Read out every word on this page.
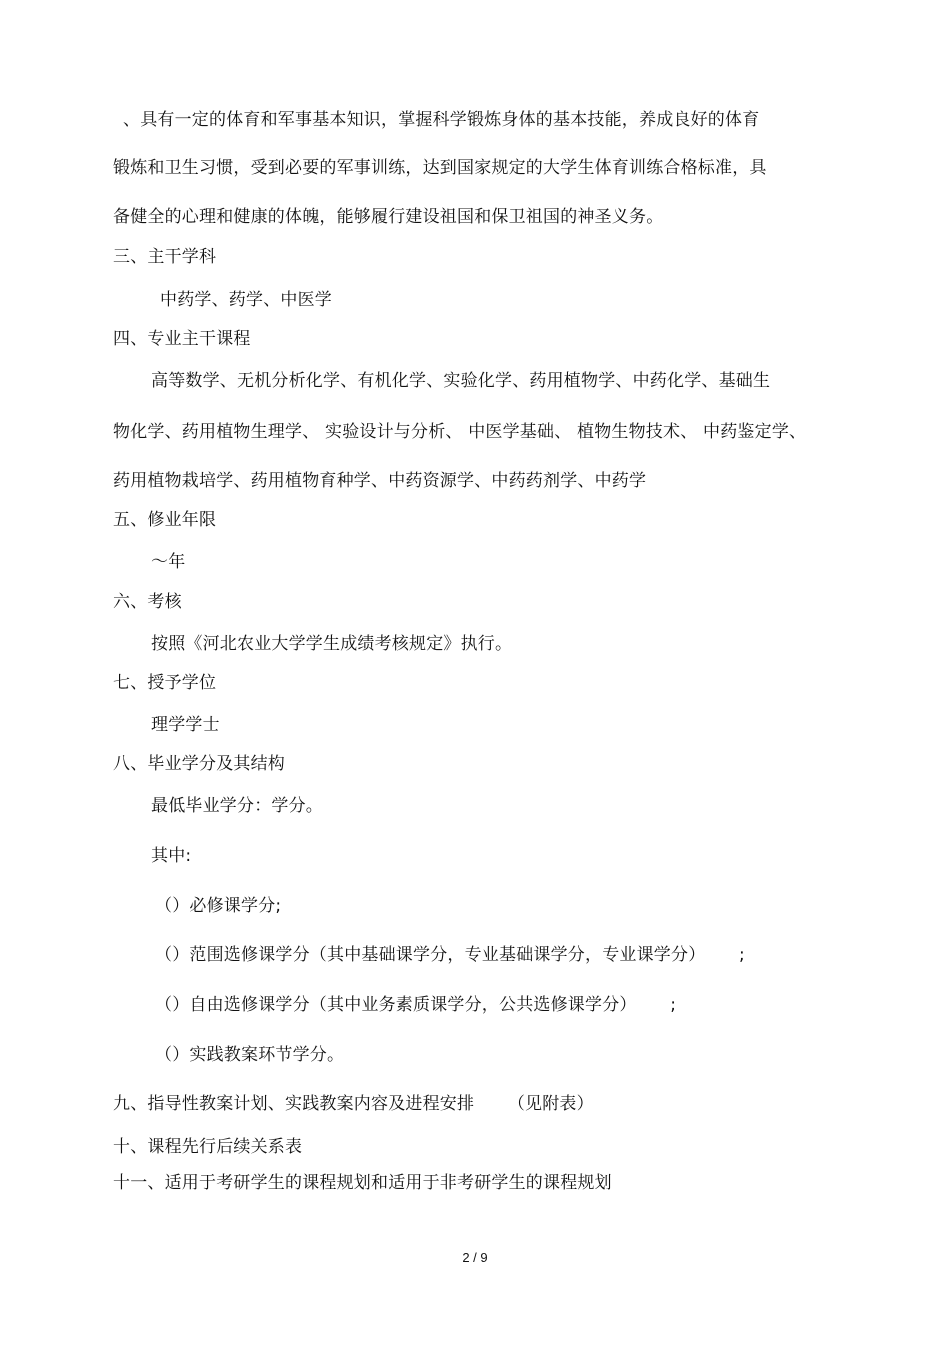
、具有一定的体育和军事基本知识，掌握科学锻炼身体的基本技能，养成良好的体育
锻炼和卫生习惯，受到必要的军事训练，达到国家规定的大学生体育训练合格标准，具
备健全的心理和健康的体魄，能够履行建设祖国和保卫祖国的神圣义务。
三、主干学科
中药学、药学、中医学
四、专业主干课程
高等数学、无机分析化学、有机化学、实验化学、药用植物学、中药化学、基础生
物化学、药用植物生理学、 实验设计与分析、 中医学基础、 植物生物技术、 中药鉴定学、
药用植物栽培学、药用植物育种学、中药资源学、中药药剂学、中药学
五、修业年限
～年
六、考核
按照《河北农业大学学生成绩考核规定》执行。
七、授予学位
理学学士
八、毕业学分及其结构
最低毕业学分：学分。
其中:
（）必修课学分;
（）范围选修课学分（其中基础课学分，专业基础课学分，专业课学分）      ;
（）自由选修课学分（其中业务素质课学分，公共选修课学分）      ;
（）实践教案环节学分。
九、指导性教案计划、实践教案内容及进程安排      （见附表）
十、课程先行后续关系表
十一、适用于考研学生的课程规划和适用于非考研学生的课程规划
2 / 9
